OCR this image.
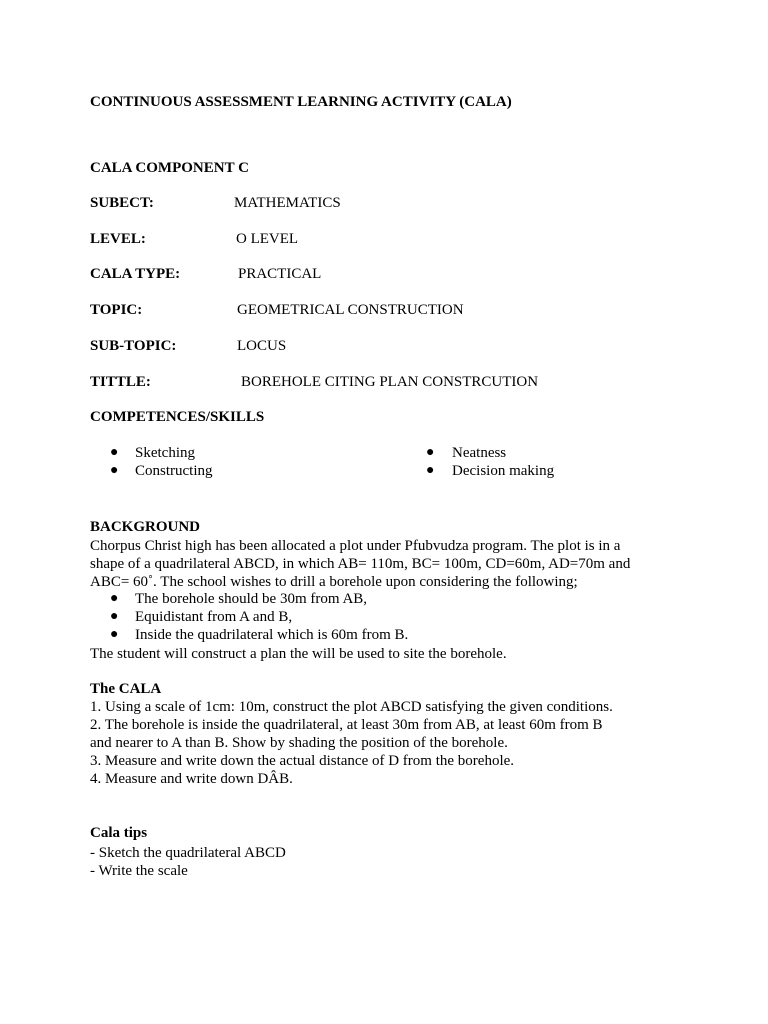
CONTINUOUS ASSESSMENT LEARNING ACTIVITY (CALA)
CALA COMPONENT C
SUBECT:	MATHEMATICS
LEVEL:	O LEVEL
CALA TYPE:	PRACTICAL
TOPIC:	GEOMETRICAL CONSTRUCTION
SUB-TOPIC:	LOCUS
TITTLE:	BOREHOLE CITING PLAN CONSTRCUTION
COMPETENCES/SKILLS
● Sketching
● Constructing
● Neatness
● Decision making
BACKGROUND
Chorpus Christ high has been allocated a plot under Pfubvudza program. The plot is in a
shape of a quadrilateral ABCD, in which AB= 110m, BC= 100m, CD=60m, AD=70m and
ABC= 60˚. The school wishes to drill a borehole upon considering the following;
● The borehole should be 30m from AB,
● Equidistant from A and B,
● Inside the quadrilateral which is 60m from B.
The student will construct a plan the will be used to site the borehole.
The CALA
1. Using a scale of 1cm: 10m, construct the plot ABCD satisfying the given conditions.
2. The borehole is inside the quadrilateral, at least 30m from AB, at least 60m from B
and nearer to A than B. Show by shading the position of the borehole.
3. Measure and write down the actual distance of D from the borehole.
4. Measure and write down DÂB.
Cala tips
- Sketch the quadrilateral ABCD
- Write the scale
